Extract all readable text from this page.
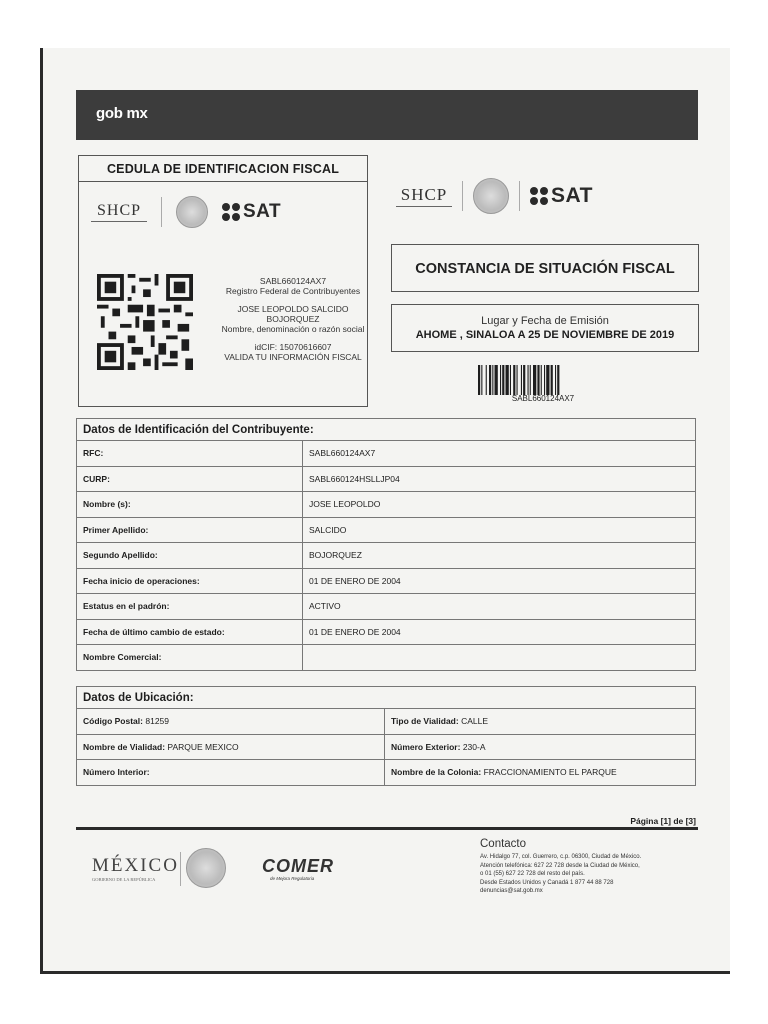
gob mx
CEDULA DE IDENTIFICACION FISCAL
SHCP	SAT

SABL660124AX7
Registro Federal de Contribuyentes

JOSE LEOPOLDO SALCIDO BOJORQUEZ
Nombre, denominación o razón social

idCIF: 15070616607
VALIDA TU INFORMACIÓN FISCAL

SHCP	SAT
CONSTANCIA DE SITUACIÓN FISCAL
Lugar y Fecha de Emisión
AHOME , SINALOA A 25 DE NOVIEMBRE DE 2019
SABL660124AX7
Datos de Identificación del Contribuyente:	
RFC:	SABL660124AX7
CURP:	SABL660124HSLLJP04
Nombre (s):	JOSE LEOPOLDO
Primer Apellido:	SALCIDO
Segundo Apellido:	BOJORQUEZ
Fecha inicio de operaciones:	01 DE ENERO DE 2004
Estatus en el padrón:	ACTIVO
Fecha de último cambio de estado:	01 DE ENERO DE 2004
Nombre Comercial:	
Datos de Ubicación:	
Código Postal: 81259	Tipo de Vialidad: CALLE
Nombre de Vialidad: PARQUE MEXICO	Número Exterior: 230-A
Número Interior:	Nombre de la Colonia: FRACCIONAMIENTO EL PARQUE
Página [1] de [3]
MÉXICO
GOBIERNO DE LA REPÚBLICA
COMER
de Mejora Regulatoria
Contacto
Av. Hidalgo 77, col. Guerrero, c.p. 06300, Ciudad de México.
Atención telefónica: 627 22 728 desde la Ciudad de México,
o 01 (55) 627 22 728 del resto del país.
Desde Estados Unidos y Canadá 1 877 44 88 728
denuncias@sat.gob.mx
